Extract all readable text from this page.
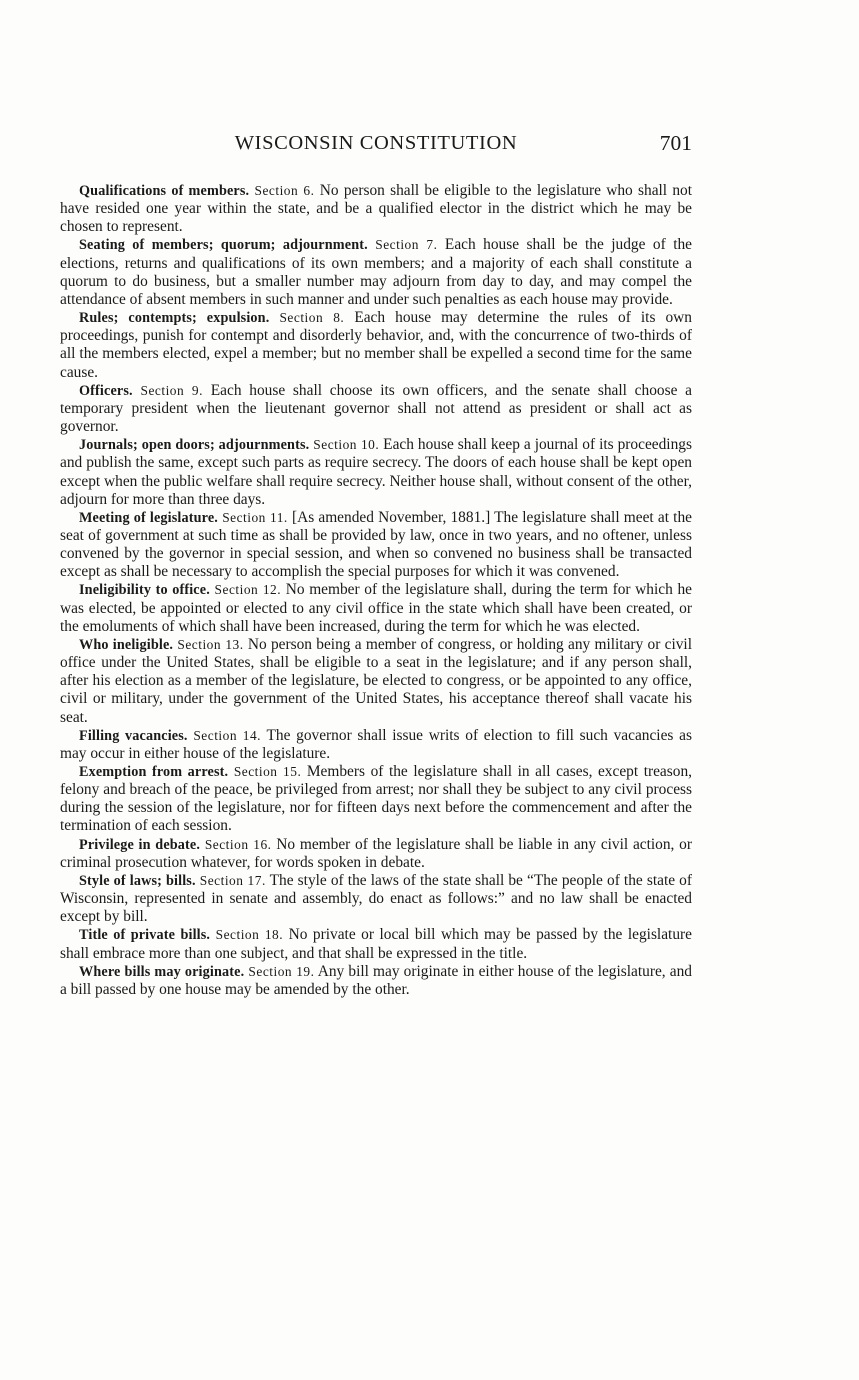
WISCONSIN CONSTITUTION	701

Qualifications of members. Section 6. No person shall be eligible to the legislature who shall not have resided one year within the state, and be a qualified elector in the district which he may be chosen to represent.

Seating of members; quorum; adjournment. Section 7. Each house shall be the judge of the elections, returns and qualifications of its own members; and a majority of each shall constitute a quorum to do business, but a smaller number may adjourn from day to day, and may compel the attendance of absent members in such manner and under such penalties as each house may provide.

Rules; contempts; expulsion. Section 8. Each house may determine the rules of its own proceedings, punish for contempt and disorderly behavior, and, with the concurrence of two-thirds of all the members elected, expel a member; but no member shall be expelled a second time for the same cause.

Officers. Section 9. Each house shall choose its own officers, and the senate shall choose a temporary president when the lieutenant governor shall not attend as president or shall act as governor.

Journals; open doors; adjournments. Section 10. Each house shall keep a journal of its proceedings and publish the same, except such parts as require secrecy. The doors of each house shall be kept open except when the public welfare shall require secrecy. Neither house shall, without consent of the other, adjourn for more than three days.

Meeting of legislature. Section 11. [As amended November, 1881.] The legislature shall meet at the seat of government at such time as shall be provided by law, once in two years, and no oftener, unless convened by the governor in special session, and when so convened no business shall be transacted except as shall be necessary to accomplish the special purposes for which it was convened.

Ineligibility to office. Section 12. No member of the legislature shall, during the term for which he was elected, be appointed or elected to any civil office in the state which shall have been created, or the emoluments of which shall have been increased, during the term for which he was elected.

Who ineligible. Section 13. No person being a member of congress, or holding any military or civil office under the United States, shall be eligible to a seat in the legislature; and if any person shall, after his election as a member of the legislature, be elected to congress, or be appointed to any office, civil or military, under the government of the United States, his acceptance thereof shall vacate his seat.

Filling vacancies. Section 14. The governor shall issue writs of election to fill such vacancies as may occur in either house of the legislature.

Exemption from arrest. Section 15. Members of the legislature shall in all cases, except treason, felony and breach of the peace, be privileged from arrest; nor shall they be subject to any civil process during the session of the legislature, nor for fifteen days next before the commencement and after the termination of each session.

Privilege in debate. Section 16. No member of the legislature shall be liable in any civil action, or criminal prosecution whatever, for words spoken in debate.

Style of laws; bills. Section 17. The style of the laws of the state shall be “The people of the state of Wisconsin, represented in senate and assembly, do enact as follows:” and no law shall be enacted except by bill.

Title of private bills. Section 18. No private or local bill which may be passed by the legislature shall embrace more than one subject, and that shall be expressed in the title.

Where bills may originate. Section 19. Any bill may originate in either house of the legislature, and a bill passed by one house may be amended by the other.
